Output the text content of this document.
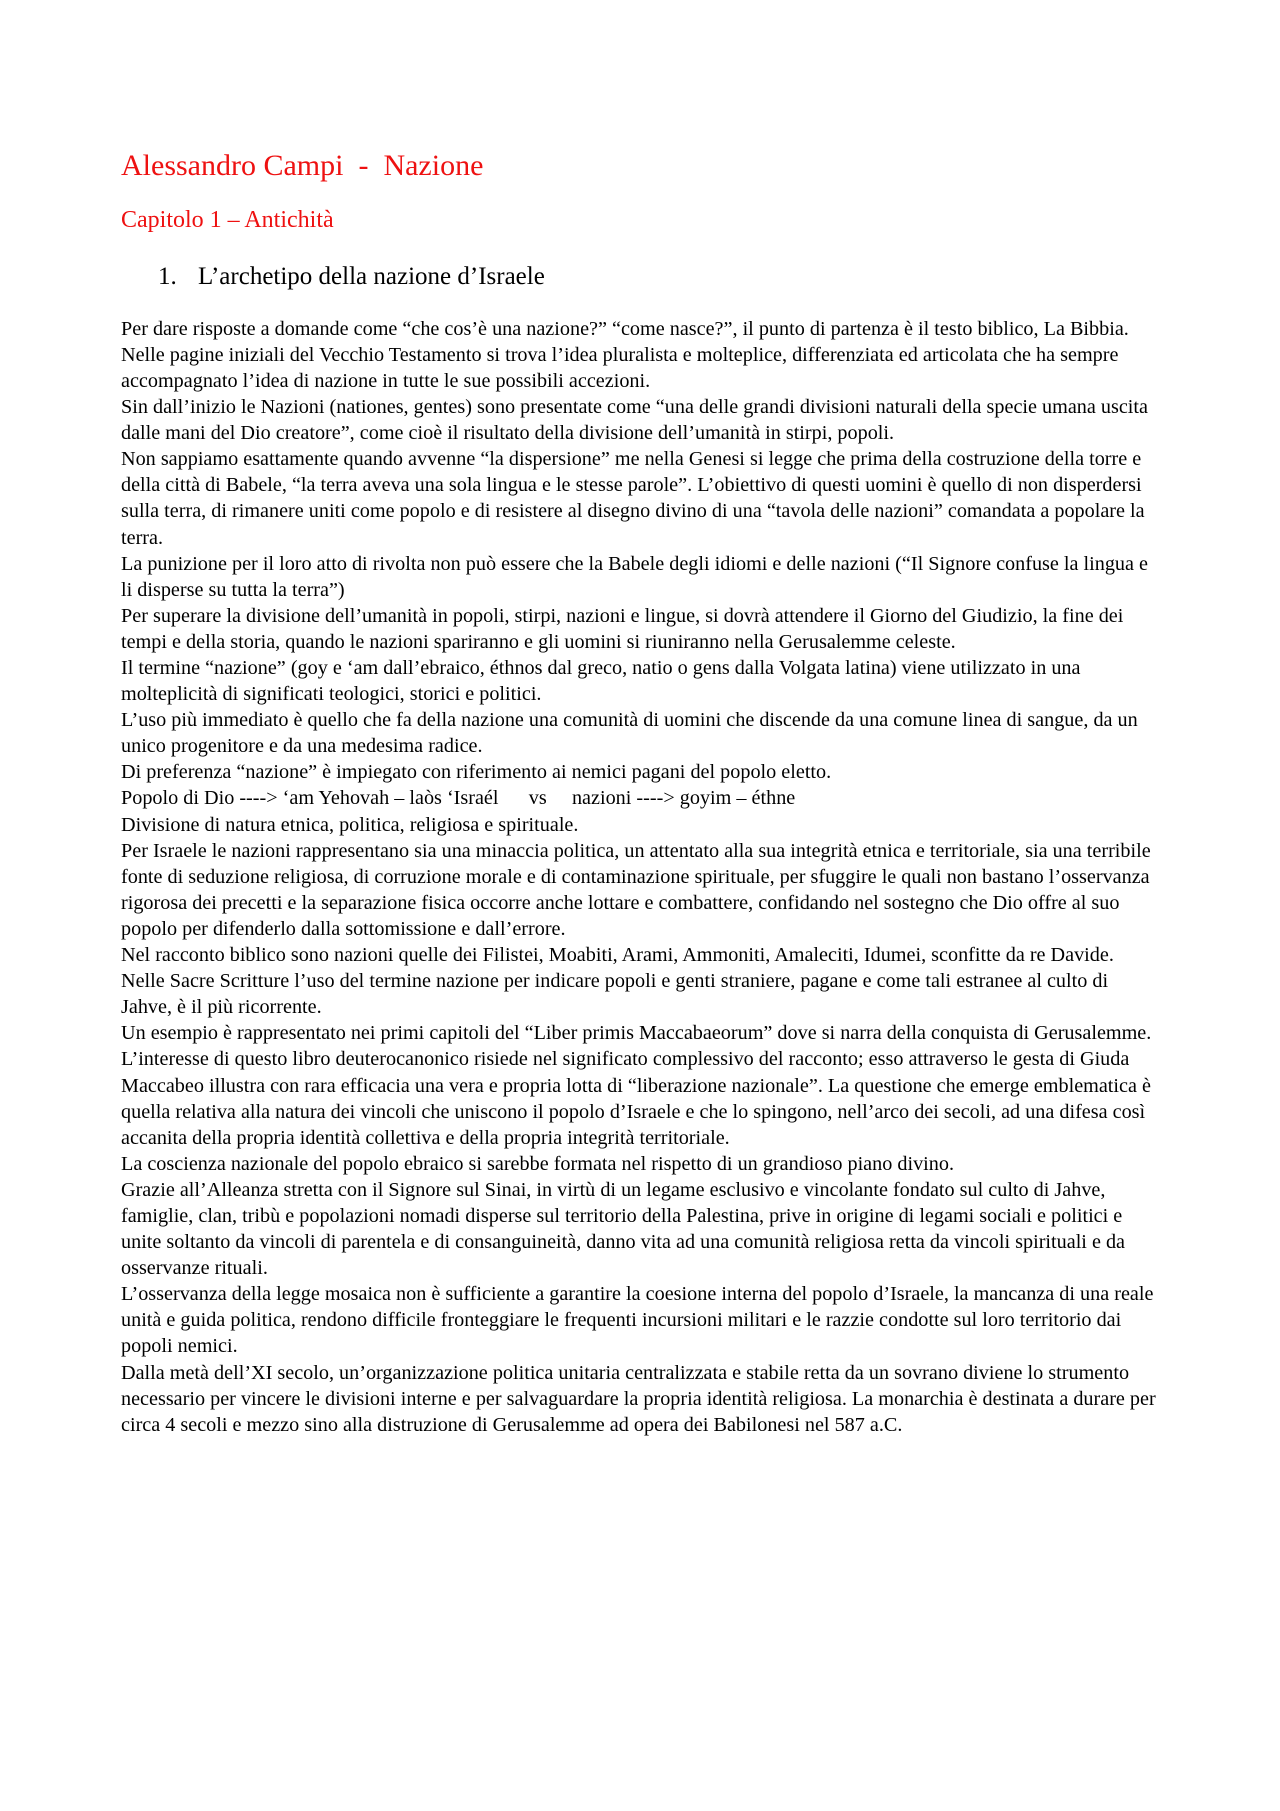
Alessandro Campi  -  Nazione
Capitolo 1 – Antichità
1. L’archetipo della nazione d’Israele

Per dare risposte a domande come “che cos’è una nazione?” “come nasce?”, il punto di partenza è il testo biblico, La Bibbia.

Nelle pagine iniziali del Vecchio Testamento si trova l’idea pluralista e molteplice, differenziata ed articolata che ha sempre accompagnato l’idea di nazione in tutte le sue possibili accezioni.

Sin dall’inizio le Nazioni (nationes, gentes) sono presentate come “una delle grandi divisioni naturali della specie umana uscita dalle mani del Dio creatore”, come cioè il risultato della divisione dell’umanità in stirpi, popoli.

Non sappiamo esattamente quando avvenne “la dispersione” me nella Genesi si legge che prima della costruzione della torre e della città di Babele, “la terra aveva una sola lingua e le stesse parole”. L’obiettivo di questi uomini è quello di non disperdersi sulla terra, di rimanere uniti come popolo e di resistere al disegno divino di una “tavola delle nazioni” comandata a popolare la terra.

La punizione per il loro atto di rivolta non può essere che la Babele degli idiomi e delle nazioni (“Il Signore confuse la lingua e li disperse su tutta la terra”)

Per superare la divisione dell’umanità in popoli, stirpi, nazioni e lingue, si dovrà attendere il Giorno del Giudizio, la fine dei tempi e della storia, quando le nazioni spariranno e gli uomini si riuniranno nella Gerusalemme celeste.

Il termine “nazione” (goy e ‘am dall’ebraico, éthnos dal greco, natio o gens dalla Volgata latina) viene utilizzato in una molteplicità di significati teologici, storici e politici.

L’uso più immediato è quello che fa della nazione una comunità di uomini che discende da una comune linea di sangue, da un unico progenitore e da una medesima radice.

Di preferenza “nazione” è impiegato con riferimento ai nemici pagani del popolo eletto.

Popolo di Dio ----> ‘am Yehovah – laòs ‘Israél      vs     nazioni ----> goyim – éthne

Divisione di natura etnica, politica, religiosa e spirituale.

Per Israele le nazioni rappresentano sia una minaccia politica, un attentato alla sua integrità etnica e territoriale, sia una terribile fonte di seduzione religiosa, di corruzione morale e di contaminazione spirituale, per sfuggire le quali non bastano l’osservanza rigorosa dei precetti e la separazione fisica occorre anche lottare e combattere, confidando nel sostegno che Dio offre al suo popolo per difenderlo dalla sottomissione e dall’errore.

Nel racconto biblico sono nazioni quelle dei Filistei, Moabiti, Arami, Ammoniti, Amaleciti, Idumei, sconfitte da re Davide.

Nelle Sacre Scritture l’uso del termine nazione per indicare popoli e genti straniere, pagane e come tali estranee al culto di Jahve, è il più ricorrente.

Un esempio è rappresentato nei primi capitoli del “Liber primis Maccabaeorum” dove si narra della conquista di Gerusalemme.

L’interesse di questo libro deuterocanonico risiede nel significato complessivo del racconto; esso attraverso le gesta di Giuda Maccabeo illustra con rara efficacia una vera e propria lotta di “liberazione nazionale”. La questione che emerge emblematica è quella relativa alla natura dei vincoli che uniscono il popolo d’Israele e che lo spingono, nell’arco dei secoli, ad una difesa così accanita della propria identità collettiva e della propria integrità territoriale.

La coscienza nazionale del popolo ebraico si sarebbe formata nel rispetto di un grandioso piano divino.

Grazie all’Alleanza stretta con il Signore sul Sinai, in virtù di un legame esclusivo e vincolante fondato sul culto di Jahve, famiglie, clan, tribù e popolazioni nomadi disperse sul territorio della Palestina, prive in origine di legami sociali e politici e unite soltanto da vincoli di parentela e di consanguineità, danno vita ad una comunità religiosa retta da vincoli spirituali e da osservanze rituali.

L’osservanza della legge mosaica non è sufficiente a garantire la coesione interna del popolo d’Israele, la mancanza di una reale unità e guida politica, rendono difficile fronteggiare le frequenti incursioni militari e le razzie condotte sul loro territorio dai popoli nemici.

Dalla metà dell’XI secolo, un’organizzazione politica unitaria centralizzata e stabile retta da un sovrano diviene lo strumento necessario per vincere le divisioni interne e per salvaguardare la propria identità religiosa. La monarchia è destinata a durare per circa 4 secoli e mezzo sino alla distruzione di Gerusalemme ad opera dei Babilonesi nel 587 a.C.
